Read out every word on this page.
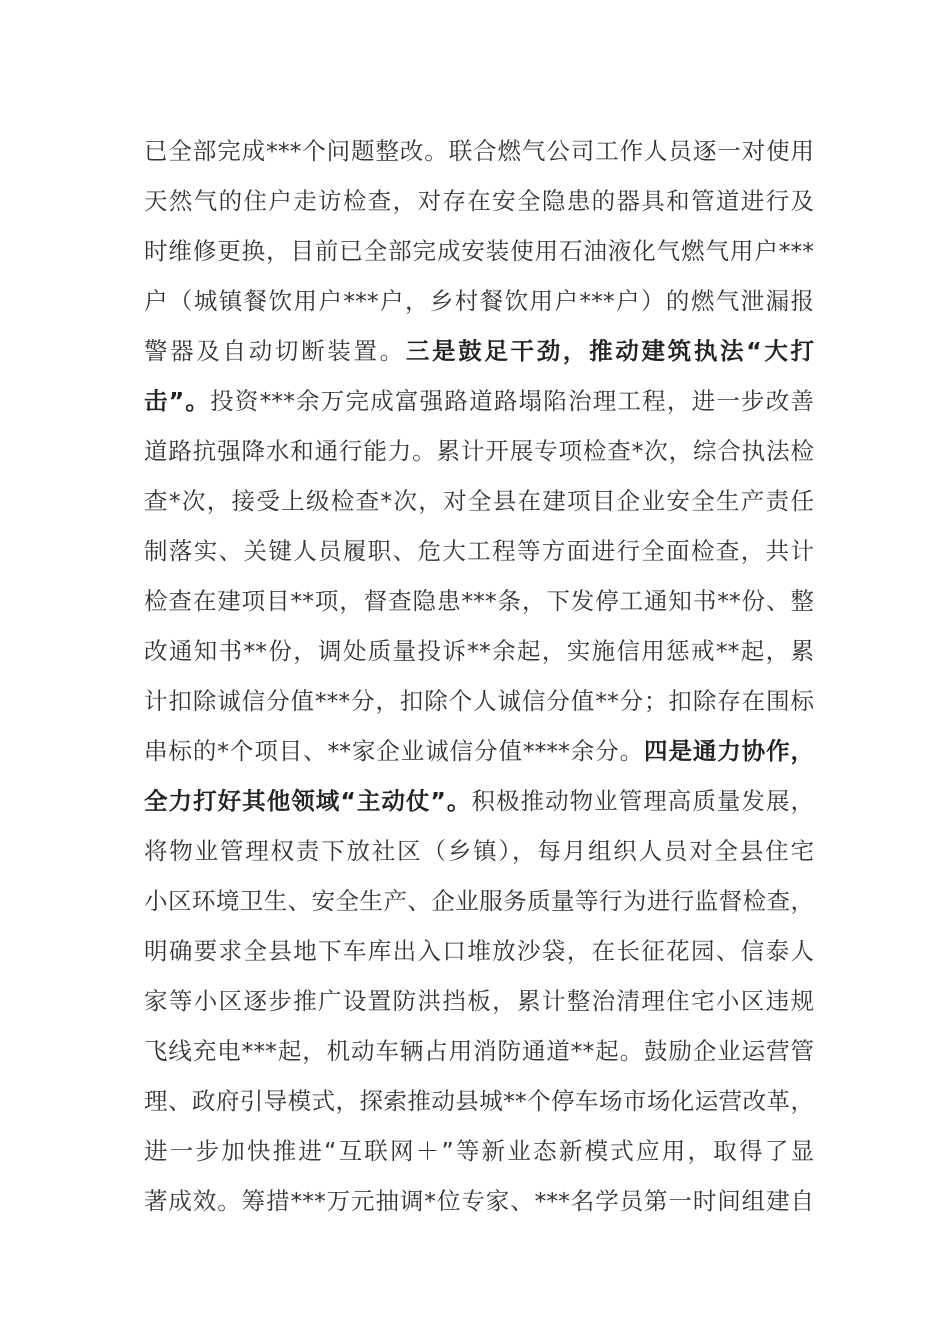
已全部完成***个问题整改。联合燃气公司工作人员逐一对使用
天然气的住户走访检查，对存在安全隐患的器具和管道进行及
时维修更换，目前已全部完成安装使用石油液化气燃气用户***
户（城镇餐饮用户***户，乡村餐饮用户***户）的燃气泄漏报
警器及自动切断装置。三是鼓足干劲，推动建筑执法“大打
击”。投资***余万完成富强路道路塌陷治理工程，进一步改善
道路抗强降水和通行能力。累计开展专项检查*次，综合执法检
查*次，接受上级检查*次，对全县在建项目企业安全生产责任
制落实、关键人员履职、危大工程等方面进行全面检查，共计
检查在建项目**项，督查隐患***条，下发停工通知书**份、整
改通知书**份，调处质量投诉**余起，实施信用惩戒**起，累
计扣除诚信分值***分，扣除个人诚信分值**分；扣除存在围标
串标的*个项目、**家企业诚信分值****余分。四是通力协作，
全力打好其他领域“主动仗”。积极推动物业管理高质量发展，
将物业管理权责下放社区（乡镇），每月组织人员对全县住宅
小区环境卫生、安全生产、企业服务质量等行为进行监督检查，
明确要求全县地下车库出入口堆放沙袋，在长征花园、信泰人
家等小区逐步推广设置防洪挡板，累计整治清理住宅小区违规
飞线充电***起，机动车辆占用消防通道**起。鼓励企业运营管
理、政府引导模式，探索推动县城**个停车场市场化运营改革，
进一步加快推进“互联网＋”等新业态新模式应用，取得了显
著成效。筹措***万元抽调*位专家、***名学员第一时间组建自
